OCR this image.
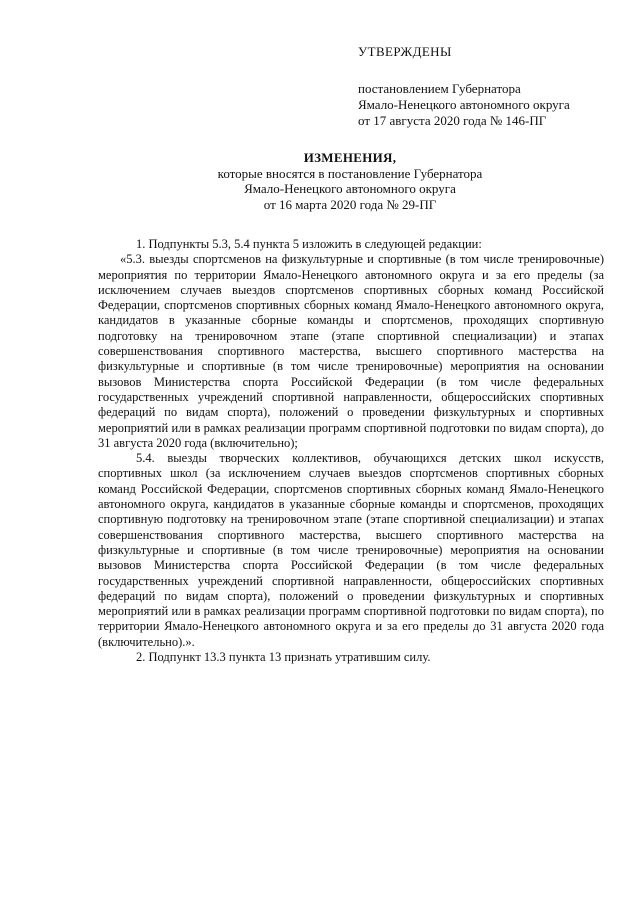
УТВЕРЖДЕНЫ
постановлением Губернатора
Ямало-Ненецкого автономного округа
от 17 августа 2020 года № 146-ПГ
ИЗМЕНЕНИЯ,
которые вносятся в постановление Губернатора
Ямало-Ненецкого автономного округа
от 16 марта 2020 года № 29-ПГ

1. Подпункты 5.3, 5.4 пункта 5 изложить в следующей редакции:

«5.3. выезды спортсменов на физкультурные и спортивные (в том числе тренировочные) мероприятия по территории Ямало-Ненецкого автономного округа и за его пределы (за исключением случаев выездов спортсменов спортивных сборных команд Российской Федерации, спортсменов спортивных сборных команд Ямало-Ненецкого автономного округа, кандидатов в указанные сборные команды и спортсменов, проходящих спортивную подготовку на тренировочном этапе (этапе спортивной специализации) и этапах совершенствования спортивного мастерства, высшего спортивного мастерства на физкультурные и спортивные (в том числе тренировочные) мероприятия на основании вызовов Министерства спорта Российской Федерации (в том числе федеральных государственных учреждений спортивной направленности, общероссийских спортивных федераций по видам спорта), положений о проведении физкультурных и спортивных мероприятий или в рамках реализации программ спортивной подготовки по видам спорта), до 31 августа 2020 года (включительно);

5.4. выезды творческих коллективов, обучающихся детских школ искусств, спортивных школ (за исключением случаев выездов спортсменов спортивных сборных команд Российской Федерации, спортсменов спортивных сборных команд Ямало-Ненецкого автономного округа, кандидатов в указанные сборные команды и спортсменов, проходящих спортивную подготовку на тренировочном этапе (этапе спортивной специализации) и этапах совершенствования спортивного мастерства, высшего спортивного мастерства на физкультурные и спортивные (в том числе тренировочные) мероприятия на основании вызовов Министерства спорта Российской Федерации (в том числе федеральных государственных учреждений спортивной направленности, общероссийских спортивных федераций по видам спорта), положений о проведении физкультурных и спортивных мероприятий или в рамках реализации программ спортивной подготовки по видам спорта), по территории Ямало-Ненецкого автономного округа и за его пределы до 31 августа 2020 года (включительно).».

2. Подпункт 13.3 пункта 13 признать утратившим силу.
